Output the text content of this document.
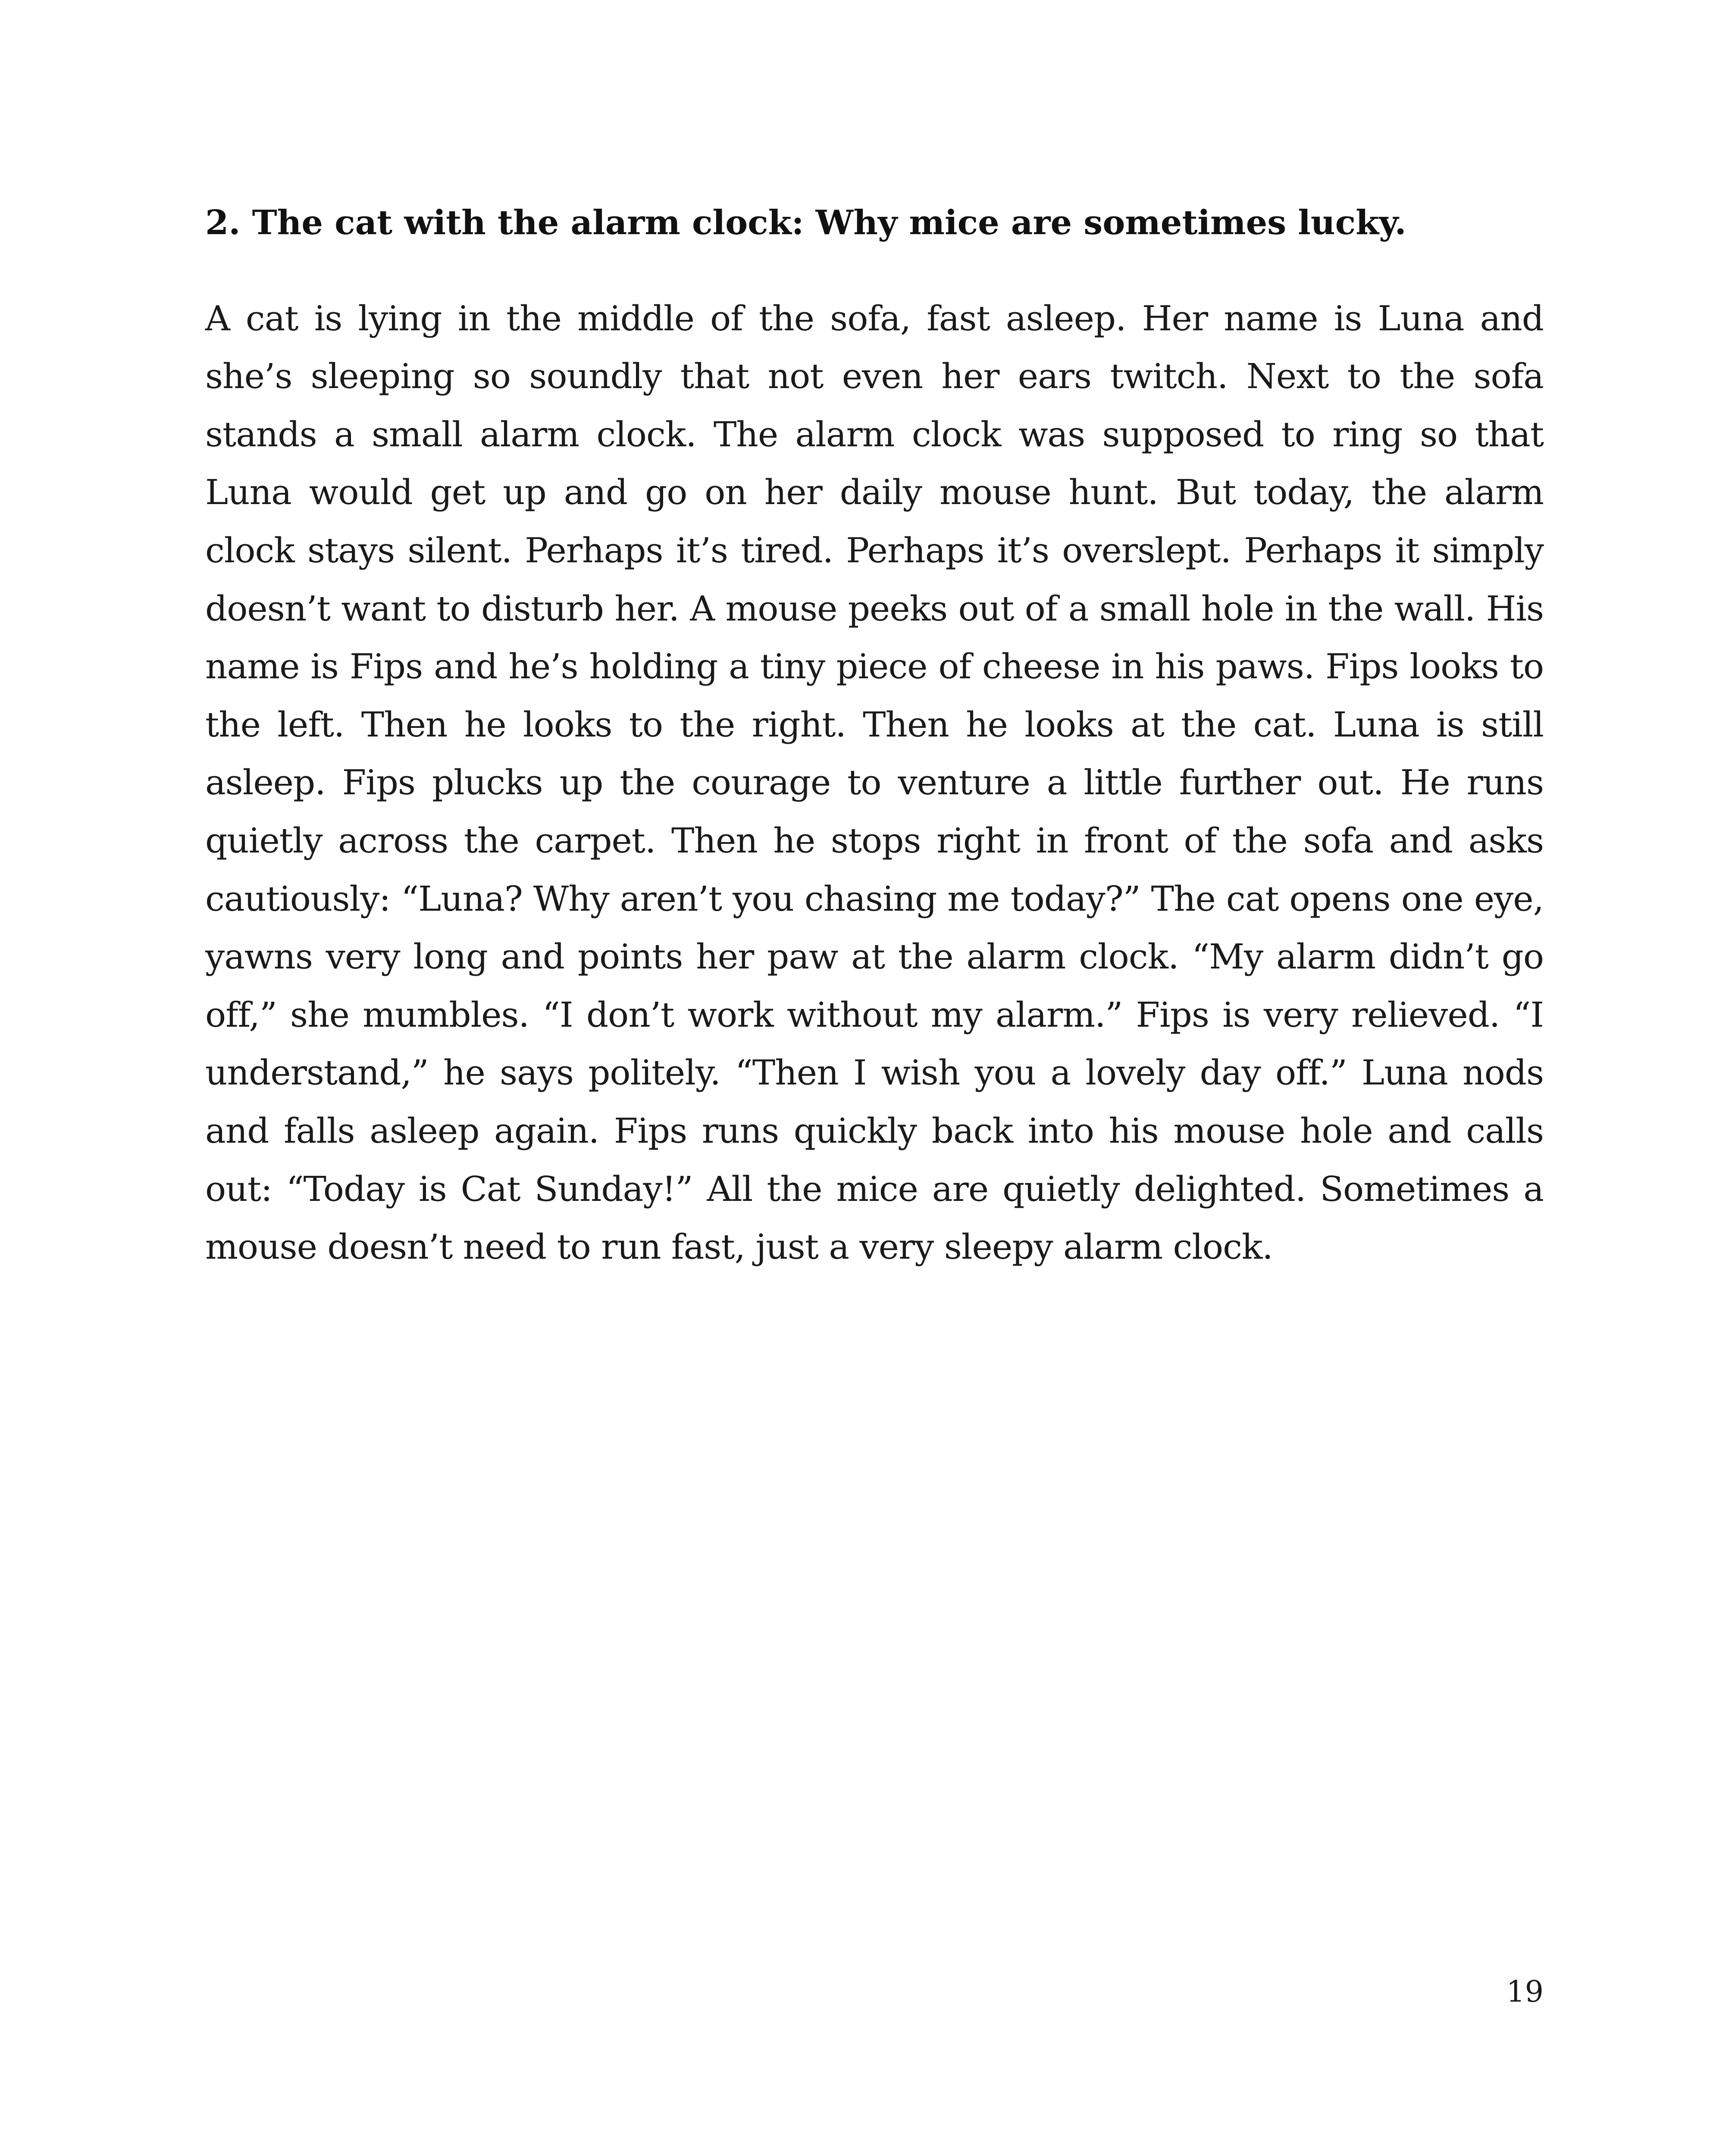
2. The cat with the alarm clock: Why mice are sometimes lucky.

A cat is lying in the middle of the sofa, fast asleep. Her name is Luna and she’s sleeping so soundly that not even her ears twitch. Next to the sofa stands a small alarm clock. The alarm clock was supposed to ring so that Luna would get up and go on her daily mouse hunt. But today, the alarm clock stays silent. Perhaps it’s tired. Perhaps it’s overslept. Perhaps it simply doesn’t want to disturb her. A mouse peeks out of a small hole in the wall. His name is Fips and he’s holding a tiny piece of cheese in his paws. Fips looks to the left. Then he looks to the right. Then he looks at the cat. Luna is still asleep. Fips plucks up the courage to venture a little further out. He runs quietly across the carpet. Then he stops right in front of the sofa and asks cautiously: “Luna? Why aren’t you chasing me today?” The cat opens one eye, yawns very long and points her paw at the alarm clock. “My alarm didn’t go off,” she mumbles. “I don’t work without my alarm.” Fips is very relieved. “I understand,” he says politely. “Then I wish you a lovely day off.” Luna nods and falls asleep again. Fips runs quickly back into his mouse hole and calls out: “Today is Cat Sunday!” All the mice are quietly delighted. Sometimes a mouse doesn’t need to run fast, just a very sleepy alarm clock.

19
